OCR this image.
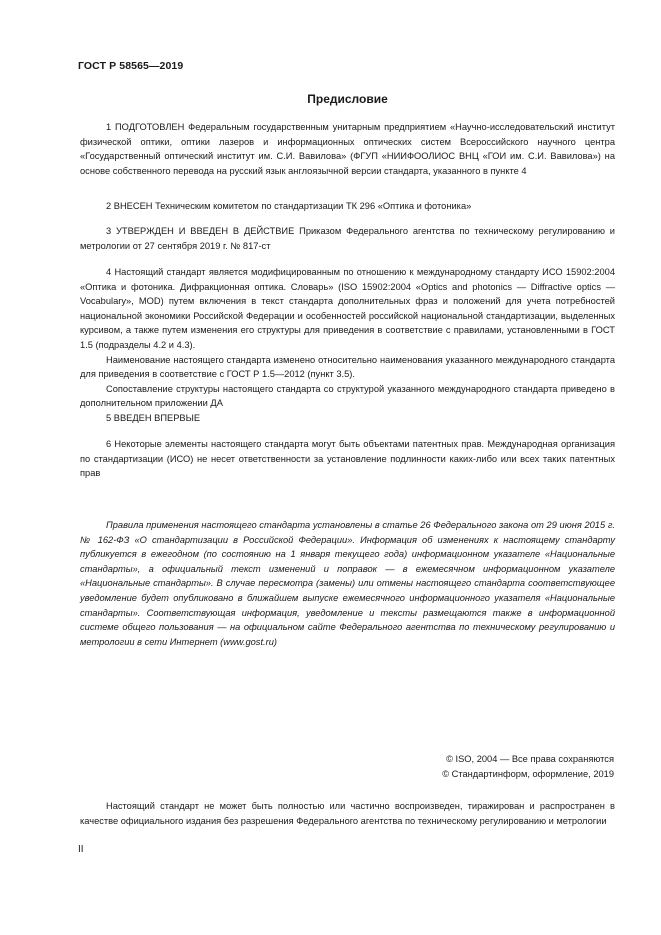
ГОСТ Р 58565—2019
Предисловие

1 ПОДГОТОВЛЕН Федеральным государственным унитарным предприятием «Научно-исследовательский институт физической оптики, оптики лазеров и информационных оптических систем Всероссийского научного центра «Государственный оптический институт им. С.И. Вавилова» (ФГУП «НИИФООЛИОС ВНЦ «ГОИ им. С.И. Вавилова») на основе собственного перевода на русский язык англоязычной версии стандарта, указанного в пункте 4

2 ВНЕСЕН Техническим комитетом по стандартизации ТК 296 «Оптика и фотоника»

3 УТВЕРЖДЕН И ВВЕДЕН В ДЕЙСТВИЕ Приказом Федерального агентства по техническому регулированию и метрологии от 27 сентября 2019 г. № 817-ст

4 Настоящий стандарт является модифицированным по отношению к международному стандарту ИСО 15902:2004 «Оптика и фотоника. Дифракционная оптика. Словарь» (ISO 15902:2004 «Optics and photonics — Diffractive optics — Vocabulary», MOD) путем включения в текст стандарта дополнительных фраз и положений для учета потребностей национальной экономики Российской Федерации и особенностей российской национальной стандартизации, выделенных курсивом, а также путем изменения его структуры для приведения в соответствие с правилами, установленными в ГОСТ 1.5 (подразделы 4.2 и 4.3).

Наименование настоящего стандарта изменено относительно наименования указанного международного стандарта для приведения в соответствие с ГОСТ Р 1.5—2012 (пункт 3.5).

Сопоставление структуры настоящего стандарта со структурой указанного международного стандарта приведено в дополнительном приложении ДА

5 ВВЕДЕН ВПЕРВЫЕ

6 Некоторые элементы настоящего стандарта могут быть объектами патентных прав. Международная организация по стандартизации (ИСО) не несет ответственности за установление подлинности каких-либо или всех таких патентных прав

Правила применения настоящего стандарта установлены в статье 26 Федерального закона от 29 июня 2015 г. № 162-ФЗ «О стандартизации в Российской Федерации». Информация об изменениях к настоящему стандарту публикуется в ежегодном (по состоянию на 1 января текущего года) информационном указателе «Национальные стандарты», а официальный текст изменений и поправок — в ежемесячном информационном указателе «Национальные стандарты». В случае пересмотра (замены) или отмены настоящего стандарта соответствующее уведомление будет опубликовано в ближайшем выпуске ежемесячного информационного указателя «Национальные стандарты». Соответствующая информация, уведомление и тексты размещаются также в информационной системе общего пользования — на официальном сайте Федерального агентства по техническому регулированию и метрологии в сети Интернет (www.gost.ru)

© ISO, 2004 — Все права сохраняются
© Стандартинформ, оформление, 2019

Настоящий стандарт не может быть полностью или частично воспроизведен, тиражирован и распространен в качестве официального издания без разрешения Федерального агентства по техническому регулированию и метрологии

II
